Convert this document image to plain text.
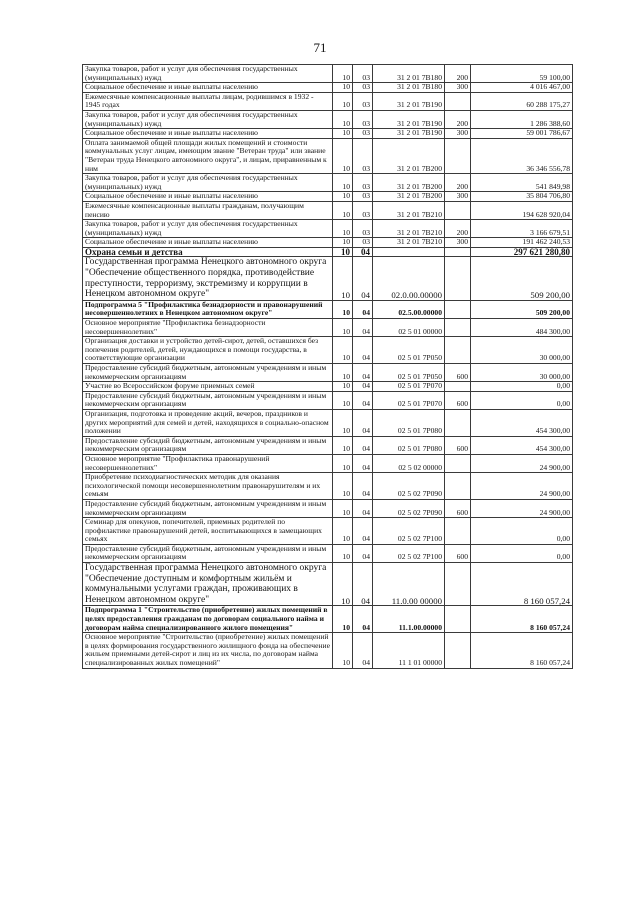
71
Закупка товаров, работ и услуг для обеспечения государственных (муниципальных) нужд	10	03	31 2 01 7В180	200	59 100,00
Социальное обеспечение и иные выплаты населению	10	03	31 2 01 7В180	300	4 016 467,00
Ежемесячные компенсационные выплаты лицам, родившимся в 1932 - 1945 годах	10	03	31 2 01 7В190		60 288 175,27
Закупка товаров, работ и услуг для обеспечения государственных (муниципальных) нужд	10	03	31 2 01 7В190	200	1 286 388,60
Социальное обеспечение и иные выплаты населению	10	03	31 2 01 7В190	300	59 001 786,67
Оплата занимаемой общей площади жилых помещений и стоимости коммунальных услуг лицам, имеющим звание "Ветеран труда" или звание "Ветеран труда Ненецкого автономного округа", и лицам, приравненным к ним	10	03	31 2 01 7В200		36 346 556,78
Закупка товаров, работ и услуг для обеспечения государственных (муниципальных) нужд	10	03	31 2 01 7В200	200	541 849,98
Социальное обеспечение и иные выплаты населению	10	03	31 2 01 7В200	300	35 804 706,80
Ежемесячные компенсационные выплаты гражданам, получающим пенсию	10	03	31 2 01 7В210		194 628 920,04
Закупка товаров, работ и услуг для обеспечения государственных (муниципальных) нужд	10	03	31 2 01 7В210	200	3 166 679,51
Социальное обеспечение и иные выплаты населению	10	03	31 2 01 7В210	300	191 462 240,53
Охрана семьи и детства	10	04			297 621 280,80
Государственная программа Ненецкого автономного округа "Обеспечение общественного порядка, противодействие преступности, терроризму, экстремизму и коррупции в Ненецком автономном округе"	10	04	02.0.00.00000		509 200,00
Подпрограмма 5 "Профилактика безнадзорности и правонарушений несовершеннолетних в Ненецком автономном округе"	10	04	02.5.00.00000		509 200,00
Основное мероприятие "Профилактика безнадзорности несовершеннолетних"	10	04	02 5 01 00000		484 300,00
Организация доставки и устройство детей-сирот, детей, оставшихся без попечения родителей, детей, нуждающихся в помощи государства, в соответствующие организации	10	04	02 5 01 7Р050		30 000,00
Предоставление субсидий бюджетным, автономным учреждениям и иным некоммерческим организациям	10	04	02 5 01 7Р050	600	30 000,00
Участие во Всероссийском форуме приемных семей	10	04	02 5 01 7Р070		0,00
Предоставление субсидий бюджетным, автономным учреждениям и иным некоммерческим организациям	10	04	02 5 01 7Р070	600	0,00
Организация, подготовка и проведение акций, вечеров, праздников и других мероприятий для семей и детей, находящихся в социально-опасном положении	10	04	02 5 01 7Р080		454 300,00
Предоставление субсидий бюджетным, автономным учреждениям и иным некоммерческим организациям	10	04	02 5 01 7Р080	600	454 300,00
Основное мероприятие "Профилактика правонарушений несовершеннолетних"	10	04	02 5 02 00000		24 900,00
Приобретение психодиагностических методик для оказания психологической помощи несовершеннолетним правонарушителям и их семьям	10	04	02 5 02 7Р090		24 900,00
Предоставление субсидий бюджетным, автономным учреждениям и иным некоммерческим организациям	10	04	02 5 02 7Р090	600	24 900,00
Семинар для опекунов, попечителей, приемных родителей по профилактике правонарушений детей, воспитывающихся в замещающих семьях	10	04	02 5 02 7Р100		0,00
Предоставление субсидий бюджетным, автономным учреждениям и иным некоммерческим организациям	10	04	02 5 02 7Р100	600	0,00
Государственная программа Ненецкого автономного округа "Обеспечение доступным и комфортным жильём и коммунальными услугами граждан, проживающих в Ненецком автономном округе"	10	04	11.0.00 00000		8 160 057,24
Подпрограмма 1 "Строительство (приобретение) жилых помещений в целях предоставления гражданам по договорам социального найма и договорам найма специализированного жилого помещения"	10	04	11.1.00.00000		8 160 057,24
Основное мероприятие "Строительство (приобретение) жилых помещений в целях формирования государственного жилищного фонда на обеспечение жильем приемными детей-сирот и лиц из их числа, по договорам найма специализированных жилых помещений"	10	04	11 1 01 00000		8 160 057,24
